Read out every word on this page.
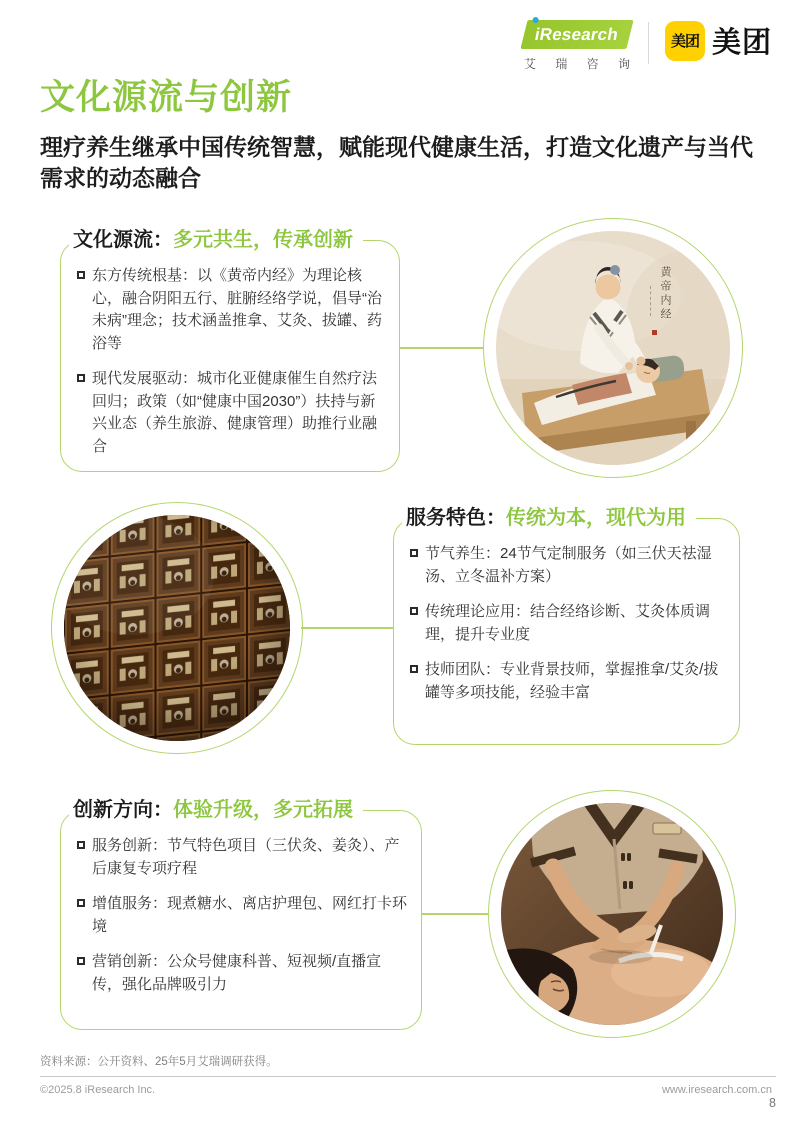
iResearch
艾 瑞 咨 询
美团 美团
文化源流与创新
理疗养生继承中国传统智慧，赋能现代健康生活，打造文化遗产与当代需求的动态融合
文化源流：多元共生，传承创新
东方传统根基：以《黄帝内经》为理论核心，融合阴阳五行、脏腑经络学说，倡导“治未病”理念；技术涵盖推拿、艾灸、拔罐、药浴等
现代发展驱动：城市化亚健康催生自然疗法回归；政策（如“健康中国2030”）扶持与新兴业态（养生旅游、健康管理）助推行业融合
黄帝内经
服务特色：传统为本，现代为用
节气养生：24节气定制服务（如三伏天祛湿汤、立冬温补方案）
传统理论应用：结合经络诊断、艾灸体质调理，提升专业度
技师团队：专业背景技师，掌握推拿/艾灸/拔罐等多项技能，经验丰富
创新方向：体验升级，多元拓展
服务创新：节气特色项目（三伏灸、姜灸）、产后康复专项疗程
增值服务：现煮糖水、离店护理包、网红打卡环境
营销创新：公众号健康科普、短视频/直播宣传，强化品牌吸引力
资料来源：公开资料、25年5月艾瑞调研获得。
©2025.8 iResearch Inc.	www.iresearch.com.cn
8
